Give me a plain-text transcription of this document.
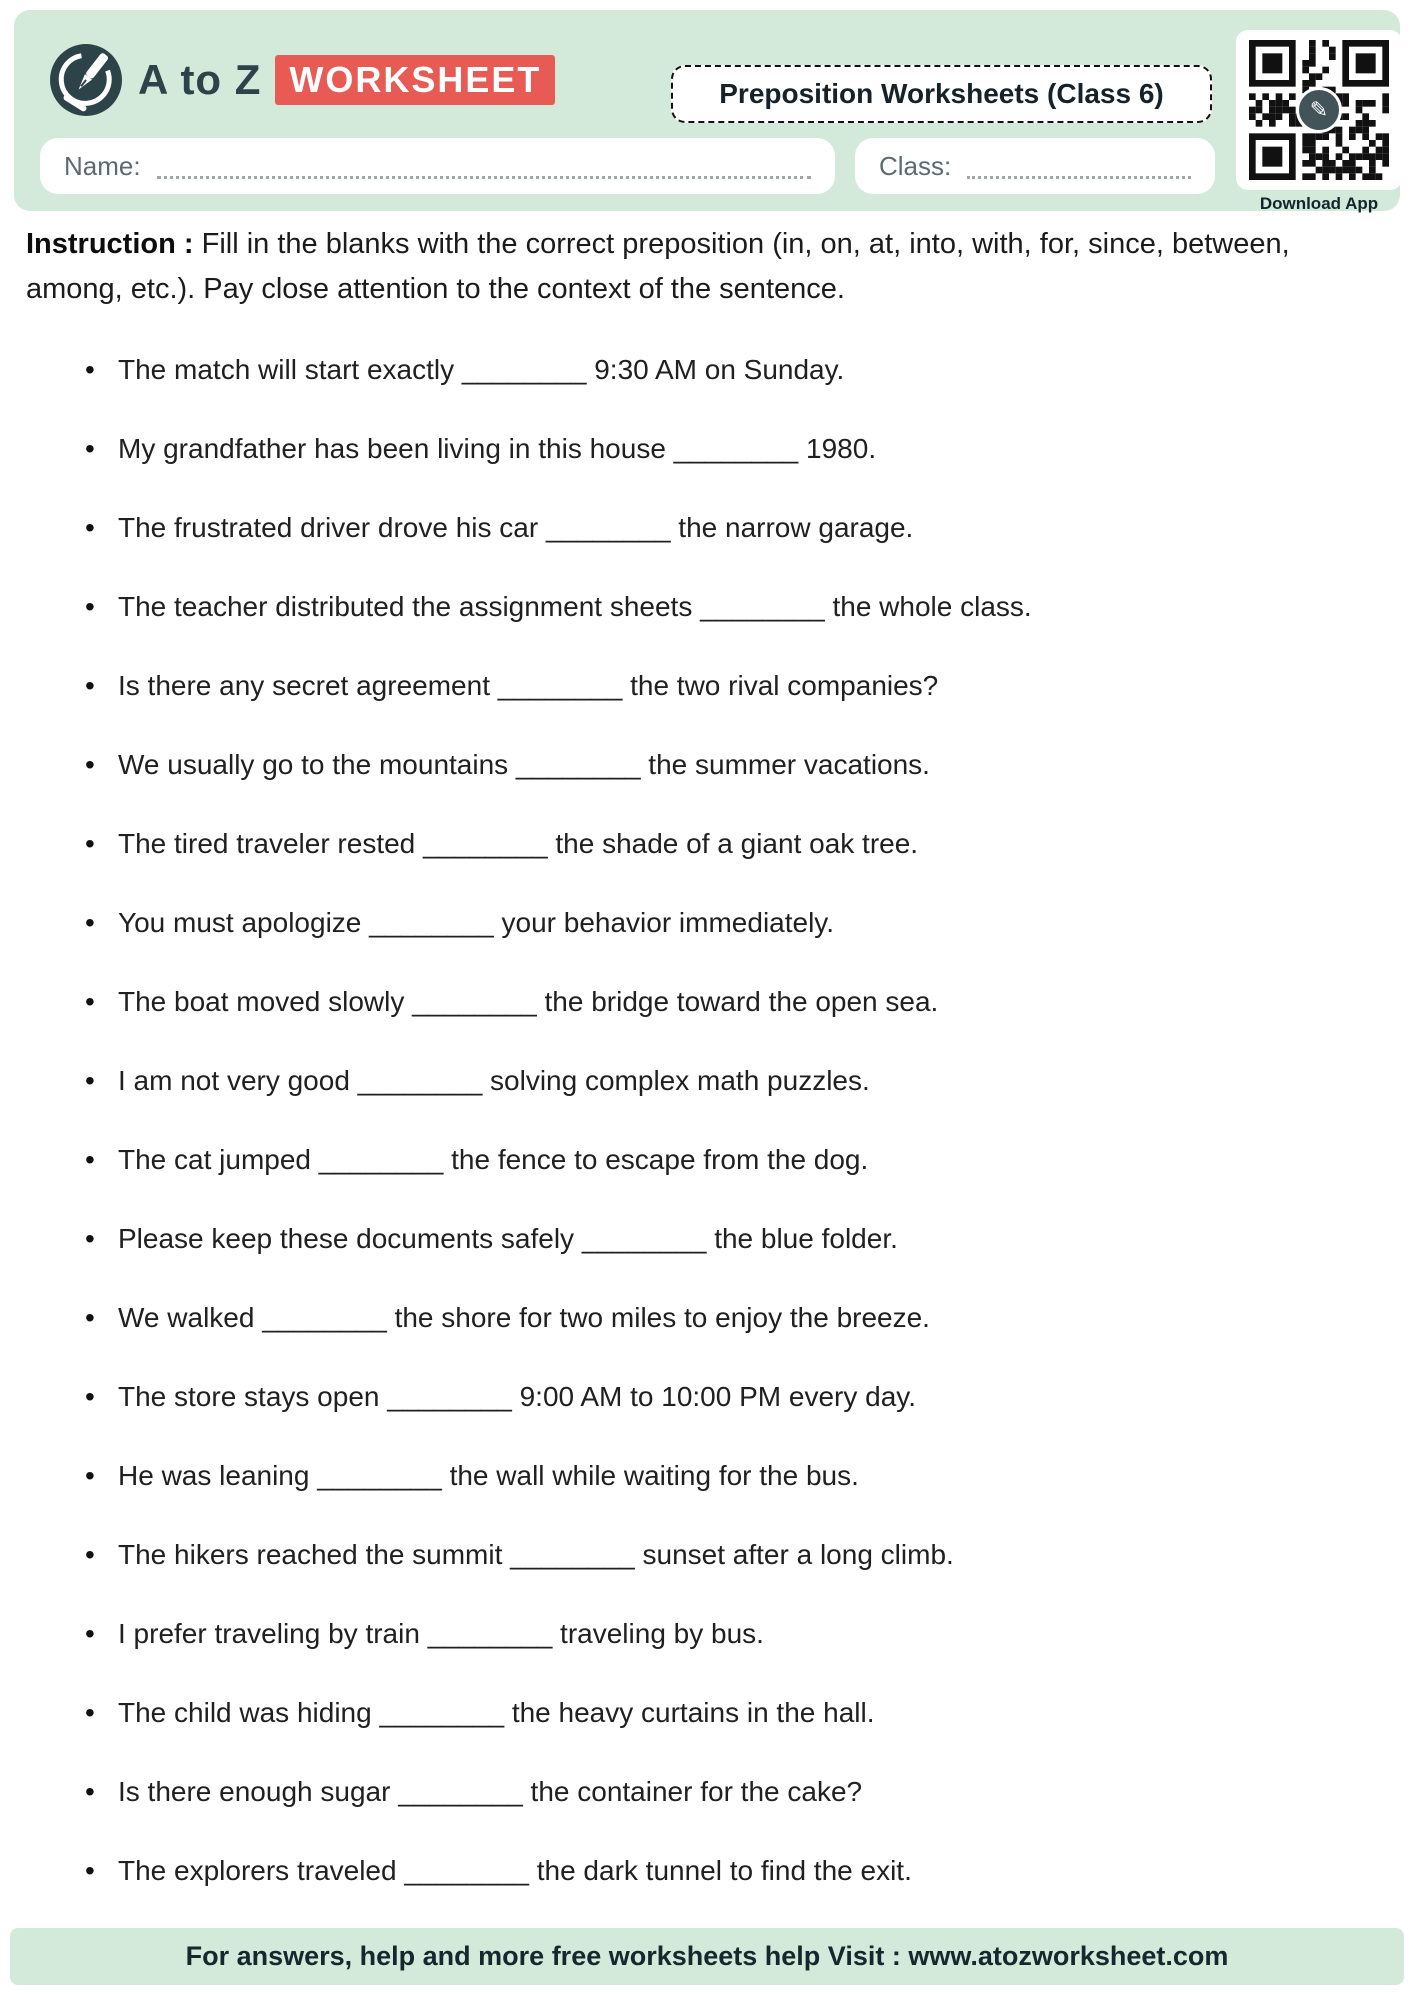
A to Z WORKSHEET	Preposition Worksheets (Class 6)
✎
Download App
Name:	Class:

Instruction : Fill in the blanks with the correct preposition (in, on, at, into, with, for, since, between, among, etc.). Pay close attention to the context of the sentence.

• The match will start exactly ________ 9:30 AM on Sunday.
• My grandfather has been living in this house ________ 1980.
• The frustrated driver drove his car ________ the narrow garage.
• The teacher distributed the assignment sheets ________ the whole class.
• Is there any secret agreement ________ the two rival companies?
• We usually go to the mountains ________ the summer vacations.
• The tired traveler rested ________ the shade of a giant oak tree.
• You must apologize ________ your behavior immediately.
• The boat moved slowly ________ the bridge toward the open sea.
• I am not very good ________ solving complex math puzzles.
• The cat jumped ________ the fence to escape from the dog.
• Please keep these documents safely ________ the blue folder.
• We walked ________ the shore for two miles to enjoy the breeze.
• The store stays open ________ 9:00 AM to 10:00 PM every day.
• He was leaning ________ the wall while waiting for the bus.
• The hikers reached the summit ________ sunset after a long climb.
• I prefer traveling by train ________ traveling by bus.
• The child was hiding ________ the heavy curtains in the hall.
• Is there enough sugar ________ the container for the cake?
• The explorers traveled ________ the dark tunnel to find the exit.
For answers, help and more free worksheets help Visit : www.atozworksheet.com
